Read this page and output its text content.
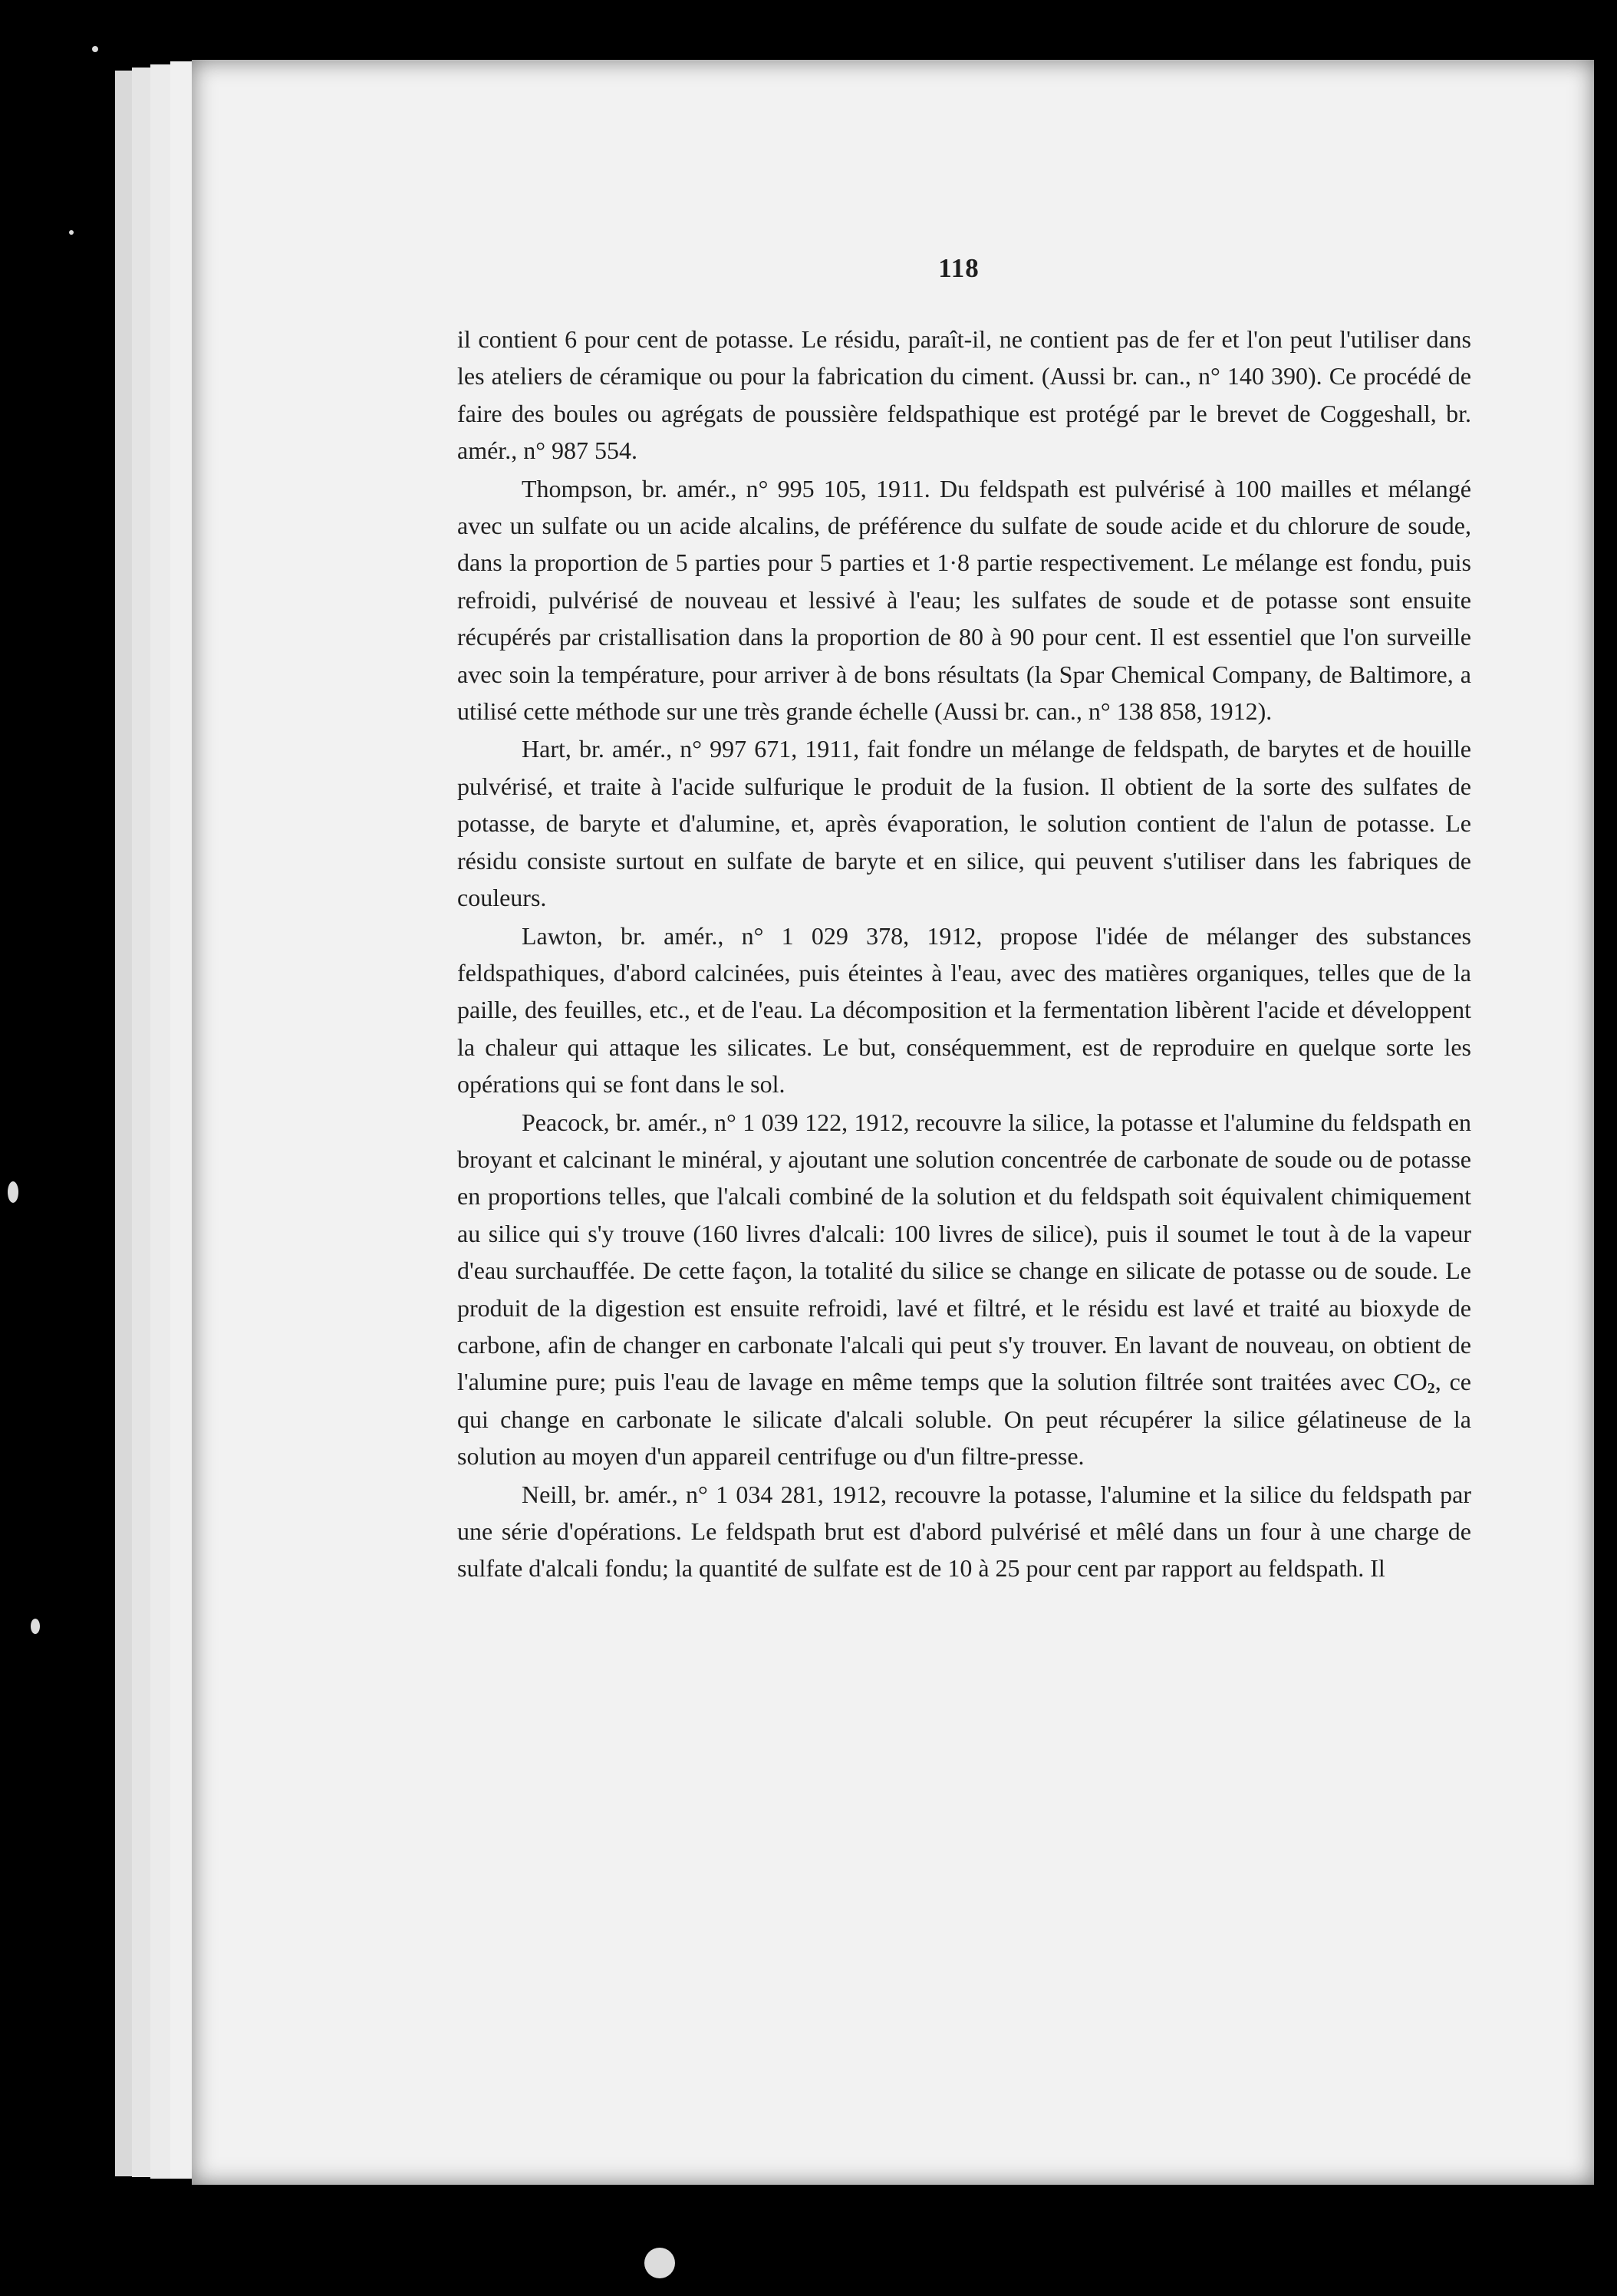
118

il contient 6 pour cent de potasse. Le résidu, paraît-il, ne contient pas de fer et l'on peut l'utiliser dans les ateliers de céramique ou pour la fabrication du ciment. (Aussi br. can., n° 140 390). Ce procédé de faire des boules ou agrégats de poussière feldspathique est protégé par le brevet de Coggeshall, br. amér., n° 987 554.

Thompson, br. amér., n° 995 105, 1911. Du feldspath est pulvérisé à 100 mailles et mélangé avec un sulfate ou un acide alcalins, de préférence du sulfate de soude acide et du chlorure de soude, dans la proportion de 5 parties pour 5 parties et 1·8 partie respectivement. Le mélange est fondu, puis refroidi, pulvérisé de nouveau et lessivé à l'eau; les sulfates de soude et de potasse sont ensuite récupérés par cristallisation dans la proportion de 80 à 90 pour cent. Il est essentiel que l'on surveille avec soin la température, pour arriver à de bons résultats (la Spar Chemical Company, de Baltimore, a utilisé cette méthode sur une très grande échelle (Aussi br. can., n° 138 858, 1912).

Hart, br. amér., n° 997 671, 1911, fait fondre un mélange de feldspath, de barytes et de houille pulvérisé, et traite à l'acide sulfurique le produit de la fusion. Il obtient de la sorte des sulfates de potasse, de baryte et d'alumine, et, après évaporation, le solution contient de l'alun de potasse. Le résidu consiste surtout en sulfate de baryte et en silice, qui peuvent s'utiliser dans les fabriques de couleurs.

Lawton, br. amér., n° 1 029 378, 1912, propose l'idée de mélanger des substances feldspathiques, d'abord calcinées, puis éteintes à l'eau, avec des matières organiques, telles que de la paille, des feuilles, etc., et de l'eau. La décomposition et la fermentation libèrent l'acide et développent la chaleur qui attaque les silicates. Le but, conséquemment, est de reproduire en quelque sorte les opérations qui se font dans le sol.

Peacock, br. amér., n° 1 039 122, 1912, recouvre la silice, la potasse et l'alumine du feldspath en broyant et calcinant le minéral, y ajoutant une solution concentrée de carbonate de soude ou de potasse en proportions telles, que l'alcali combiné de la solution et du feldspath soit équivalent chimiquement au silice qui s'y trouve (160 livres d'alcali: 100 livres de silice), puis il soumet le tout à de la vapeur d'eau surchauffée. De cette façon, la totalité du silice se change en silicate de potasse ou de soude. Le produit de la digestion est ensuite refroidi, lavé et filtré, et le résidu est lavé et traité au bioxyde de carbone, afin de changer en carbonate l'alcali qui peut s'y trouver. En lavant de nouveau, on obtient de l'alumine pure; puis l'eau de lavage en même temps que la solution filtrée sont traitées avec $CO_2$, ce qui change en carbonate le silicate d'alcali soluble. On peut récupérer la silice gélatineuse de la solution au moyen d'un appareil centrifuge ou d'un filtre-presse.

Neill, br. amér., n° 1 034 281, 1912, recouvre la potasse, l'alumine et la silice du feldspath par une série d'opérations. Le feldspath brut est d'abord pulvérisé et mêlé dans un four à une charge de sulfate d'alcali fondu; la quantité de sulfate est de 10 à 25 pour cent par rapport au feldspath. Il
